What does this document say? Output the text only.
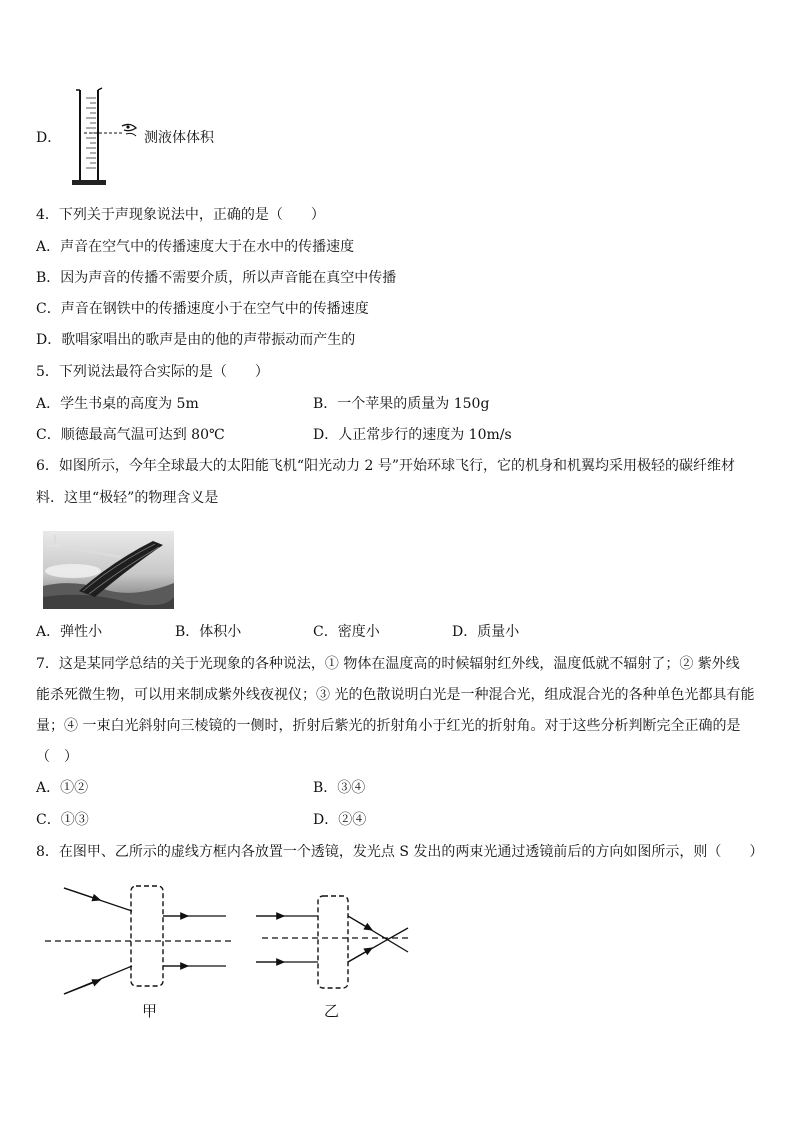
D．	测液体体积
4．下列关于声现象说法中，正确的是（　　）
A．声音在空气中的传播速度大于在水中的传播速度
B．因为声音的传播不需要介质，所以声音能在真空中传播
C．声音在钢铁中的传播速度小于在空气中的传播速度
D．歌唱家唱出的歌声是由的他的声带振动而产生的
5．下列说法最符合实际的是（　　）
A．学生书桌的高度为 5m	B．一个苹果的质量为 150g
C．顺德最高气温可达到 80℃	D．人正常步行的速度为 10m/s
6．如图所示，今年全球最大的太阳能飞机“阳光动力 2 号”开始环球飞行，它的机身和机翼均采用极轻的碳纤维材
料．这里“极轻”的物理含义是
A．弹性小	B．体积小	C．密度小	D．质量小
7．这是某同学总结的关于光现象的各种说法，① 物体在温度高的时候辐射红外线，温度低就不辐射了；② 紫外线
能杀死微生物，可以用来制成紫外线夜视仪；③ 光的色散说明白光是一种混合光，组成混合光的各种单色光都具有能
量；④ 一束白光斜射向三棱镜的一侧时，折射后紫光的折射角小于红光的折射角。对于这些分析判断完全正确的是
（　）
A．①②	B．③④
C．①③	D．②④
8．在图甲、乙所示的虚线方框内各放置一个透镜，发光点 S 发出的两束光通过透镜前后的方向如图所示，则（　　）
甲	乙
